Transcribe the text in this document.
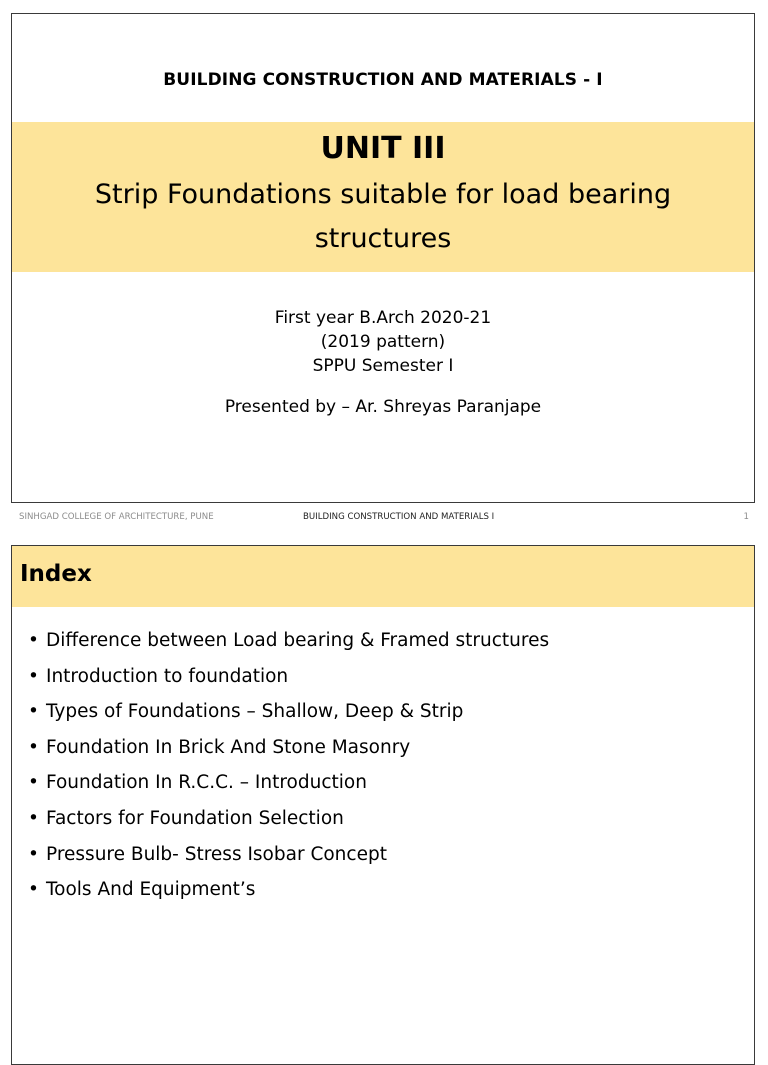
BUILDING CONSTRUCTION AND MATERIALS - I
UNIT III
Strip Foundations suitable for load bearing structures
First year B.Arch 2020-21
(2019 pattern)
SPPU Semester I
Presented by – Ar. Shreyas Paranjape
SINHGAD COLLEGE OF ARCHITECTURE, PUNE	BUILDING CONSTRUCTION AND MATERIALS I	1
Index
• Difference between Load bearing & Framed structures
• Introduction to foundation
• Types of Foundations – Shallow, Deep & Strip
• Foundation In Brick And Stone Masonry
• Foundation In R.C.C. – Introduction
• Factors for Foundation Selection
• Pressure Bulb- Stress Isobar Concept
• Tools And Equipment’s
